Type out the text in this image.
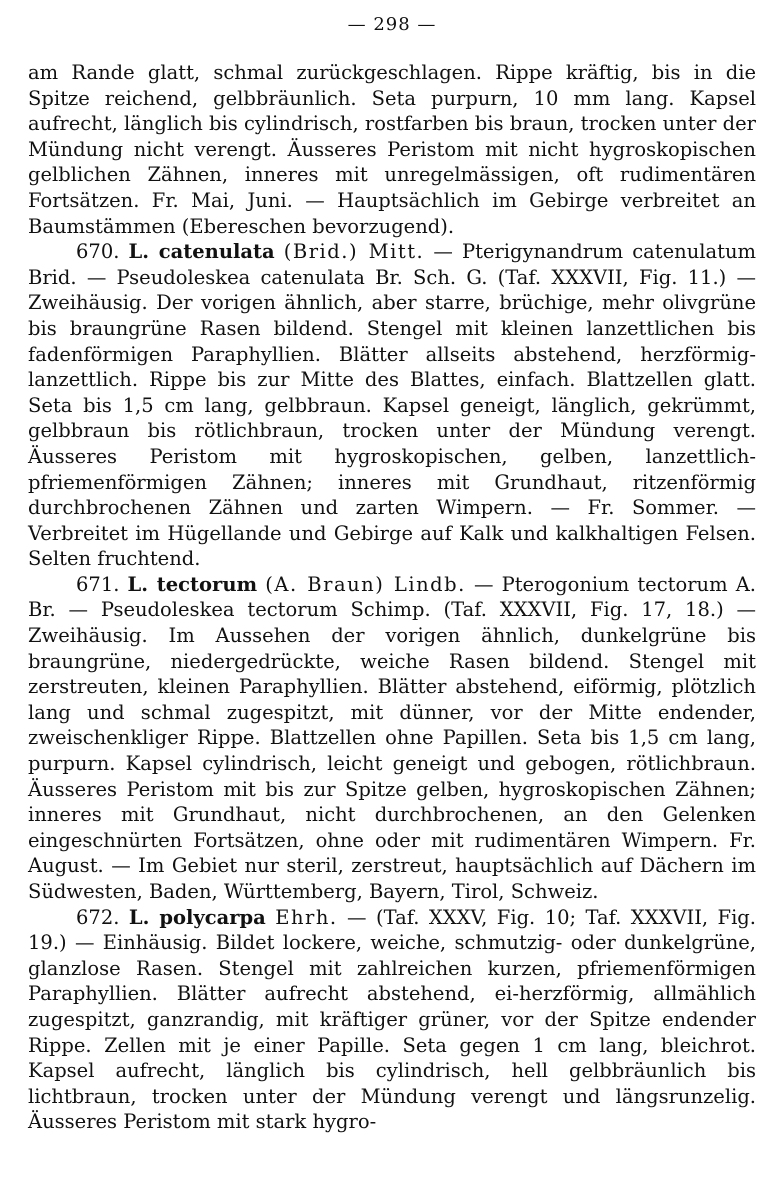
— 298 —

am Rande glatt, schmal zurückgeschlagen. Rippe kräftig, bis in die Spitze reichend, gelbbräunlich. Seta purpurn, 10 mm lang. Kapsel aufrecht, länglich bis cylindrisch, rostfarben bis braun, trocken unter der Mündung nicht verengt. Äusseres Peristom mit nicht hygroskopischen gelblichen Zähnen, inneres mit unregelmässigen, oft rudimentären Fortsätzen. Fr. Mai, Juni. — Hauptsächlich im Gebirge verbreitet an Baumstämmen (Ebereschen bevorzugend).

670. L. catenulata (Brid.) Mitt. — Pterigynandrum catenulatum Brid. — Pseudoleskea catenulata Br. Sch. G. (Taf. XXXVII, Fig. 11.) — Zweihäusig. Der vorigen ähnlich, aber starre, brüchige, mehr olivgrüne bis braungrüne Rasen bildend. Stengel mit kleinen lanzettlichen bis fadenförmigen Paraphyllien. Blätter allseits abstehend, herzförmig-lanzettlich. Rippe bis zur Mitte des Blattes, einfach. Blattzellen glatt. Seta bis 1,5 cm lang, gelbbraun. Kapsel geneigt, länglich, gekrümmt, gelbbraun bis rötlichbraun, trocken unter der Mündung verengt. Äusseres Peristom mit hygroskopischen, gelben, lanzettlich-pfriemenförmigen Zähnen; inneres mit Grundhaut, ritzenförmig durchbrochenen Zähnen und zarten Wimpern. — Fr. Sommer. — Verbreitet im Hügellande und Gebirge auf Kalk und kalkhaltigen Felsen. Selten fruchtend.

671. L. tectorum (A. Braun) Lindb. — Pterogonium tectorum A. Br. — Pseudoleskea tectorum Schimp. (Taf. XXXVII, Fig. 17, 18.) — Zweihäusig. Im Aussehen der vorigen ähnlich, dunkelgrüne bis braungrüne, niedergedrückte, weiche Rasen bildend. Stengel mit zerstreuten, kleinen Paraphyllien. Blätter abstehend, eiförmig, plötzlich lang und schmal zugespitzt, mit dünner, vor der Mitte endender, zweischenkliger Rippe. Blattzellen ohne Papillen. Seta bis 1,5 cm lang, purpurn. Kapsel cylindrisch, leicht geneigt und gebogen, rötlichbraun. Äusseres Peristom mit bis zur Spitze gelben, hygroskopischen Zähnen; inneres mit Grundhaut, nicht durchbrochenen, an den Gelenken eingeschnürten Fortsätzen, ohne oder mit rudimentären Wimpern. Fr. August. — Im Gebiet nur steril, zerstreut, hauptsächlich auf Dächern im Südwesten, Baden, Württemberg, Bayern, Tirol, Schweiz.

672. L. polycarpa Ehrh. — (Taf. XXXV, Fig. 10; Taf. XXXVII, Fig. 19.) — Einhäusig. Bildet lockere, weiche, schmutzig- oder dunkelgrüne, glanzlose Rasen. Stengel mit zahlreichen kurzen, pfriemenförmigen Paraphyllien. Blätter aufrecht abstehend, ei-herzförmig, allmählich zugespitzt, ganzrandig, mit kräftiger grüner, vor der Spitze endender Rippe. Zellen mit je einer Papille. Seta gegen 1 cm lang, bleichrot. Kapsel aufrecht, länglich bis cylindrisch, hell gelbbräunlich bis lichtbraun, trocken unter der Mündung verengt und längsrunzelig. Äusseres Peristom mit stark hygro-
